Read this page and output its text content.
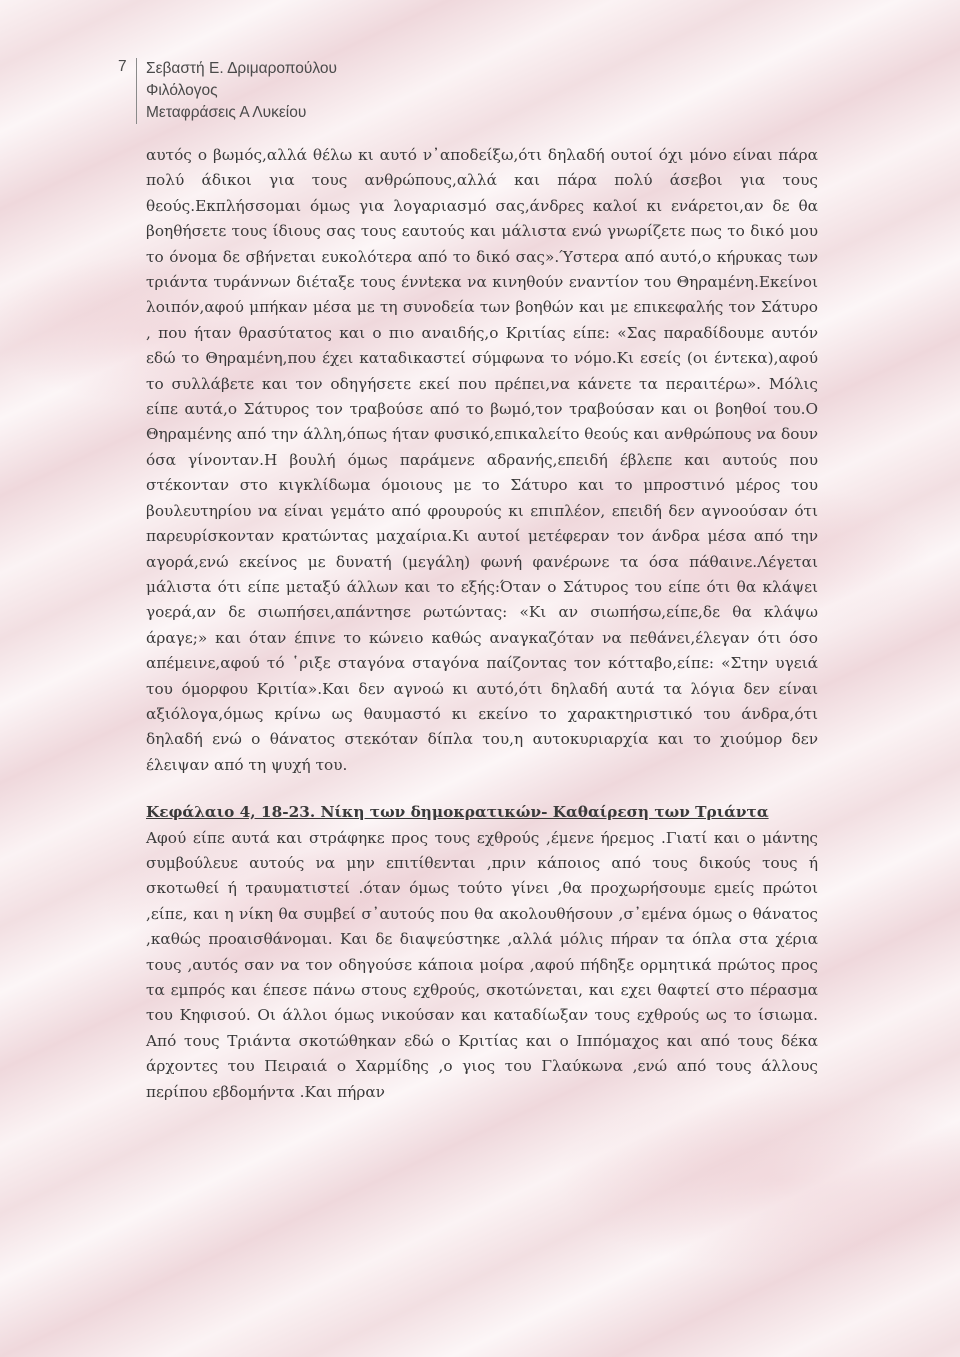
7	Σεβαστή Ε. Δριμαροπούλου
Φιλόλογος
Μεταφράσεις Α Λυκείου

αυτός ο βωμός,αλλά θέλω κι αυτό ν᾽αποδείξω,ότι δηλαδή ουτοί όχι μόνο είναι πάρα πολύ άδικοι για τους ανθρώπους,αλλά και πάρα πολύ άσεβοι για τους θεούς.Εκπλήσσομαι όμως για λογαριασμό σας,άνδρες καλοί κι ενάρετοι,αν δε θα βοηθήσετε τους ίδιους σας τους εαυτούς και μάλιστα ενώ γνωρίζετε πως το δικό μου το όνομα δε σβήνεται ευκολότερα από το δικό σας».Ύστερα από αυτό,ο κήρυκας των τριάντα τυράννων διέταξε τους έννtεκα να κινηθούν εναντίον του Θηραμένη.Εκείνοι λοιπόν,αφού μπήκαν μέσα με τη συνοδεία των βοηθών και με επικεφαλής τον Σάτυρο , που ήταν θρασύτατος και ο πιο αναιδής,ο Κριτίας είπε: «Σας παραδίδουμε αυτόν εδώ το Θηραμένη,που έχει καταδικαστεί σύμφωνα το νόμο.Κι εσείς (οι έντεκα),αφού το συλλάβετε και τον οδηγήσετε εκεί που πρέπει,να κάνετε τα περαιτέρω». Μόλις είπε αυτά,ο Σάτυρος τον τραβούσε από το βωμό,τον τραβούσαν και οι βοηθοί του.Ο Θηραμένης από την άλλη,όπως ήταν φυσικό,επικαλείτο θεούς και ανθρώπους να δουν όσα γίνονταν.Η βουλή όμως παράμενε αδρανής,επειδή έβλεπε και αυτούς που στέκονταν στο κιγκλίδωμα όμοιους με το Σάτυρο και το μπροστινό μέρος του βουλευτηρίου να είναι γεμάτο από φρουρούς κι επιπλέον, επειδή δεν αγνοούσαν ότι παρευρίσκονταν κρατώντας μαχαίρια.Κι αυτοί μετέφεραν τον άνδρα μέσα από την αγορά,ενώ εκείνος με δυνατή (μεγάλη) φωνή φανέρωνε τα όσα πάθαινε.Λέγεται μάλιστα ότι είπε μεταξύ άλλων και το εξής:Όταν ο Σάτυρος του είπε ότι θα κλάψει γοερά,αν δε σιωπήσει,απάντησε ρωτώντας: «Κι αν σιωπήσω,είπε,δε θα κλάψω άραγε;» και όταν έπινε το κώνειο καθώς αναγκαζόταν να πεθάνει,έλεγαν ότι όσο απέμεινε,αφού τό ῾ριξε σταγόνα σταγόνα παίζοντας τον κότταβο,είπε: «Στην υγειά του όμορφου Κριτία».Και δεν αγνοώ κι αυτό,ότι δηλαδή αυτά τα λόγια δεν είναι αξιόλογα,όμως κρίνω ως θαυμαστό κι εκείνο το χαρακτηριστικό του άνδρα,ότι δηλαδή ενώ ο θάνατος στεκόταν δίπλα του,η αυτοκυριαρχία και το χιούμορ δεν έλειψαν από τη ψυχή του.

Κεφάλαιο 4, 18-23. Νίκη των δημοκρατικών- Καθαίρεση των Τριάντα

Αφού είπε αυτά και στράφηκε προς τους εχθρούς ,έμενε ήρεμος .Γιατί και ο μάντης συμβούλευε αυτούς να μην επιτίθενται ,πριν κάποιος από τους δικούς τους ή σκοτωθεί ή τραυματιστεί .όταν όμως τούτο γίνει ,θα προχωρήσουμε εμείς πρώτοι ,είπε, και η νίκη θα συμβεί σ᾽αυτούς που θα ακολουθήσουν ,σ᾽εμένα όμως ο θάνατος ,καθώς προαισθάνομαι. Και δε διαψεύστηκε ,αλλά μόλις πήραν τα όπλα στα χέρια τους ,αυτός σαν να τον οδηγούσε κάποια μοίρα ,αφού πήδηξε ορμητικά πρώτος προς τα εμπρός και έπεσε πάνω στους εχθρούς, σκοτώνεται, και εχει θαφτεί στο πέρασμα του Κηφισού. Οι άλλοι όμως νικούσαν και καταδίωξαν τους εχθρούς ως το ίσιωμα. Από τους Τριάντα σκοτώθηκαν εδώ ο Κριτίας και ο Ιππόμαχος και από τους δέκα άρχοντες του Πειραιά ο Χαρμίδης ,ο γιος του Γλαύκωνα ,ενώ από τους άλλους περίπου εβδομήντα .Και πήραν
